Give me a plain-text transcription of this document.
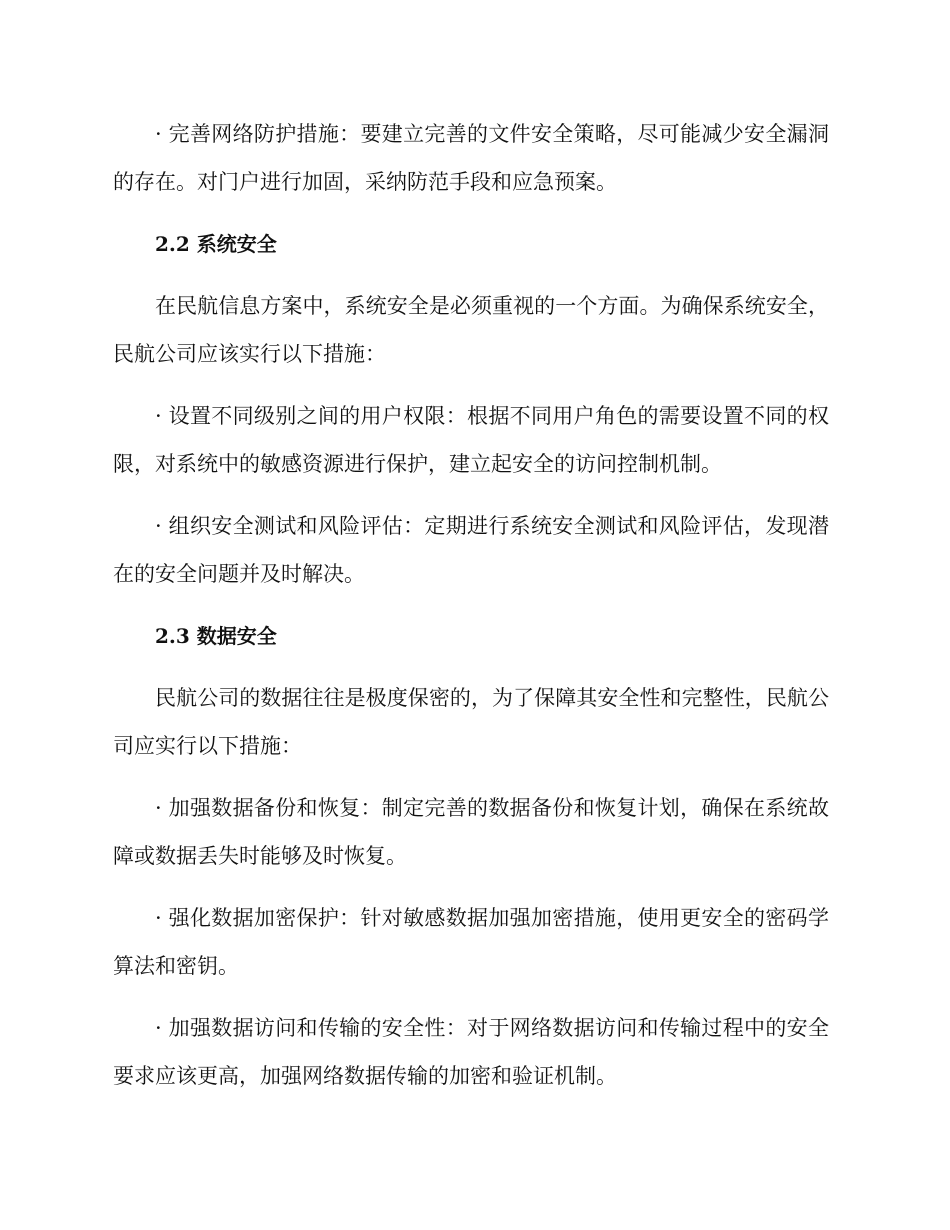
· 完善网络防护措施：要建立完善的文件安全策略，尽可能减少安全漏洞的存在。对门户进行加固，采纳防范手段和应急预案。

2.2 系统安全

在民航信息方案中，系统安全是必须重视的一个方面。为确保系统安全，民航公司应该实行以下措施：

· 设置不同级别之间的用户权限：根据不同用户角色的需要设置不同的权限，对系统中的敏感资源进行保护，建立起安全的访问控制机制。

· 组织安全测试和风险评估：定期进行系统安全测试和风险评估，发现潜在的安全问题并及时解决。

2.3 数据安全

民航公司的数据往往是极度保密的，为了保障其安全性和完整性，民航公司应实行以下措施：

· 加强数据备份和恢复：制定完善的数据备份和恢复计划，确保在系统故障或数据丢失时能够及时恢复。

· 强化数据加密保护：针对敏感数据加强加密措施，使用更安全的密码学算法和密钥。

· 加强数据访问和传输的安全性：对于网络数据访问和传输过程中的安全要求应该更高，加强网络数据传输的加密和验证机制。
